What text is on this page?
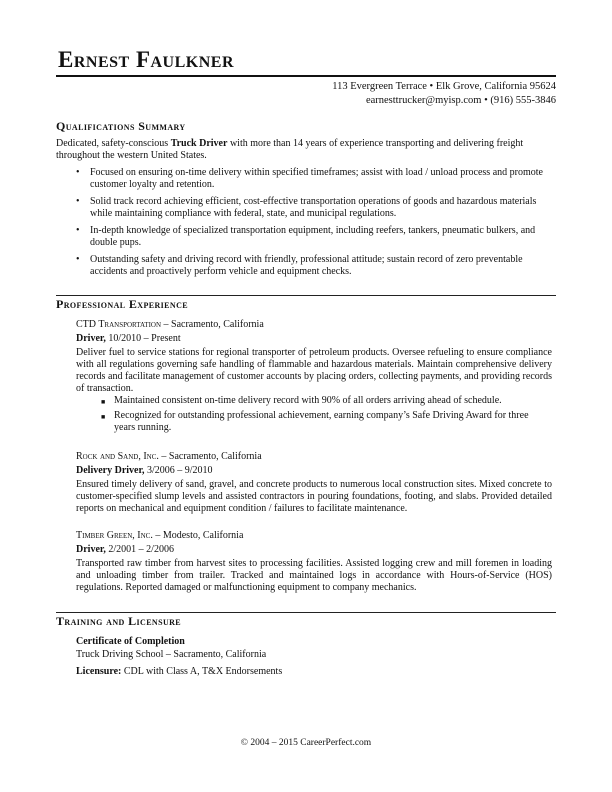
Ernest Faulkner
113 Evergreen Terrace • Elk Grove, California 95624
earnesttrucker@myisp.com • (916) 555-3846
Qualifications Summary

Dedicated, safety-conscious Truck Driver with more than 14 years of experience transporting and delivering freight throughout the western United States.

• Focused on ensuring on-time delivery within specified timeframes; assist with load / unload process and promote customer loyalty and retention.
• Solid track record achieving efficient, cost-effective transportation operations of goods and hazardous materials while maintaining compliance with federal, state, and municipal regulations.
• In-depth knowledge of specialized transportation equipment, including reefers, tankers, pneumatic bulkers, and double pups.
• Outstanding safety and driving record with friendly, professional attitude; sustain record of zero preventable accidents and proactively perform vehicle and equipment checks.
Professional Experience
CTD Transportation – Sacramento, California
Driver, 10/2010 – Present

Deliver fuel to service stations for regional transporter of petroleum products. Oversee refueling to ensure compliance with all regulations governing safe handling of flammable and hazardous materials. Maintain comprehensive delivery records and facilitate management of customer accounts by placing orders, collecting payments, and providing records of transaction.

■ Maintained consistent on-time delivery record with 90% of all orders arriving ahead of schedule.
■ Recognized for outstanding professional achievement, earning company’s Safe Driving Award for three years running.
Rock and Sand, Inc. – Sacramento, California
Delivery Driver, 3/2006 – 9/2010

Ensured timely delivery of sand, gravel, and concrete products to numerous local construction sites. Mixed concrete to customer-specified slump levels and assisted contractors in pouring foundations, footing, and slabs. Provided detailed reports on mechanical and equipment condition / failures to facilitate maintenance.

Timber Green, Inc. – Modesto, California
Driver, 2/2001 – 2/2006

Transported raw timber from harvest sites to processing facilities. Assisted logging crew and mill foremen in loading and unloading timber from trailer. Tracked and maintained logs in accordance with Hours-of-Service (HOS) regulations. Reported damaged or malfunctioning equipment to company mechanics.

Training and Licensure
Certificate of Completion
Truck Driving School – Sacramento, California
Licensure: CDL with Class A, T&X Endorsements
© 2004 – 2015 CareerPerfect.com
